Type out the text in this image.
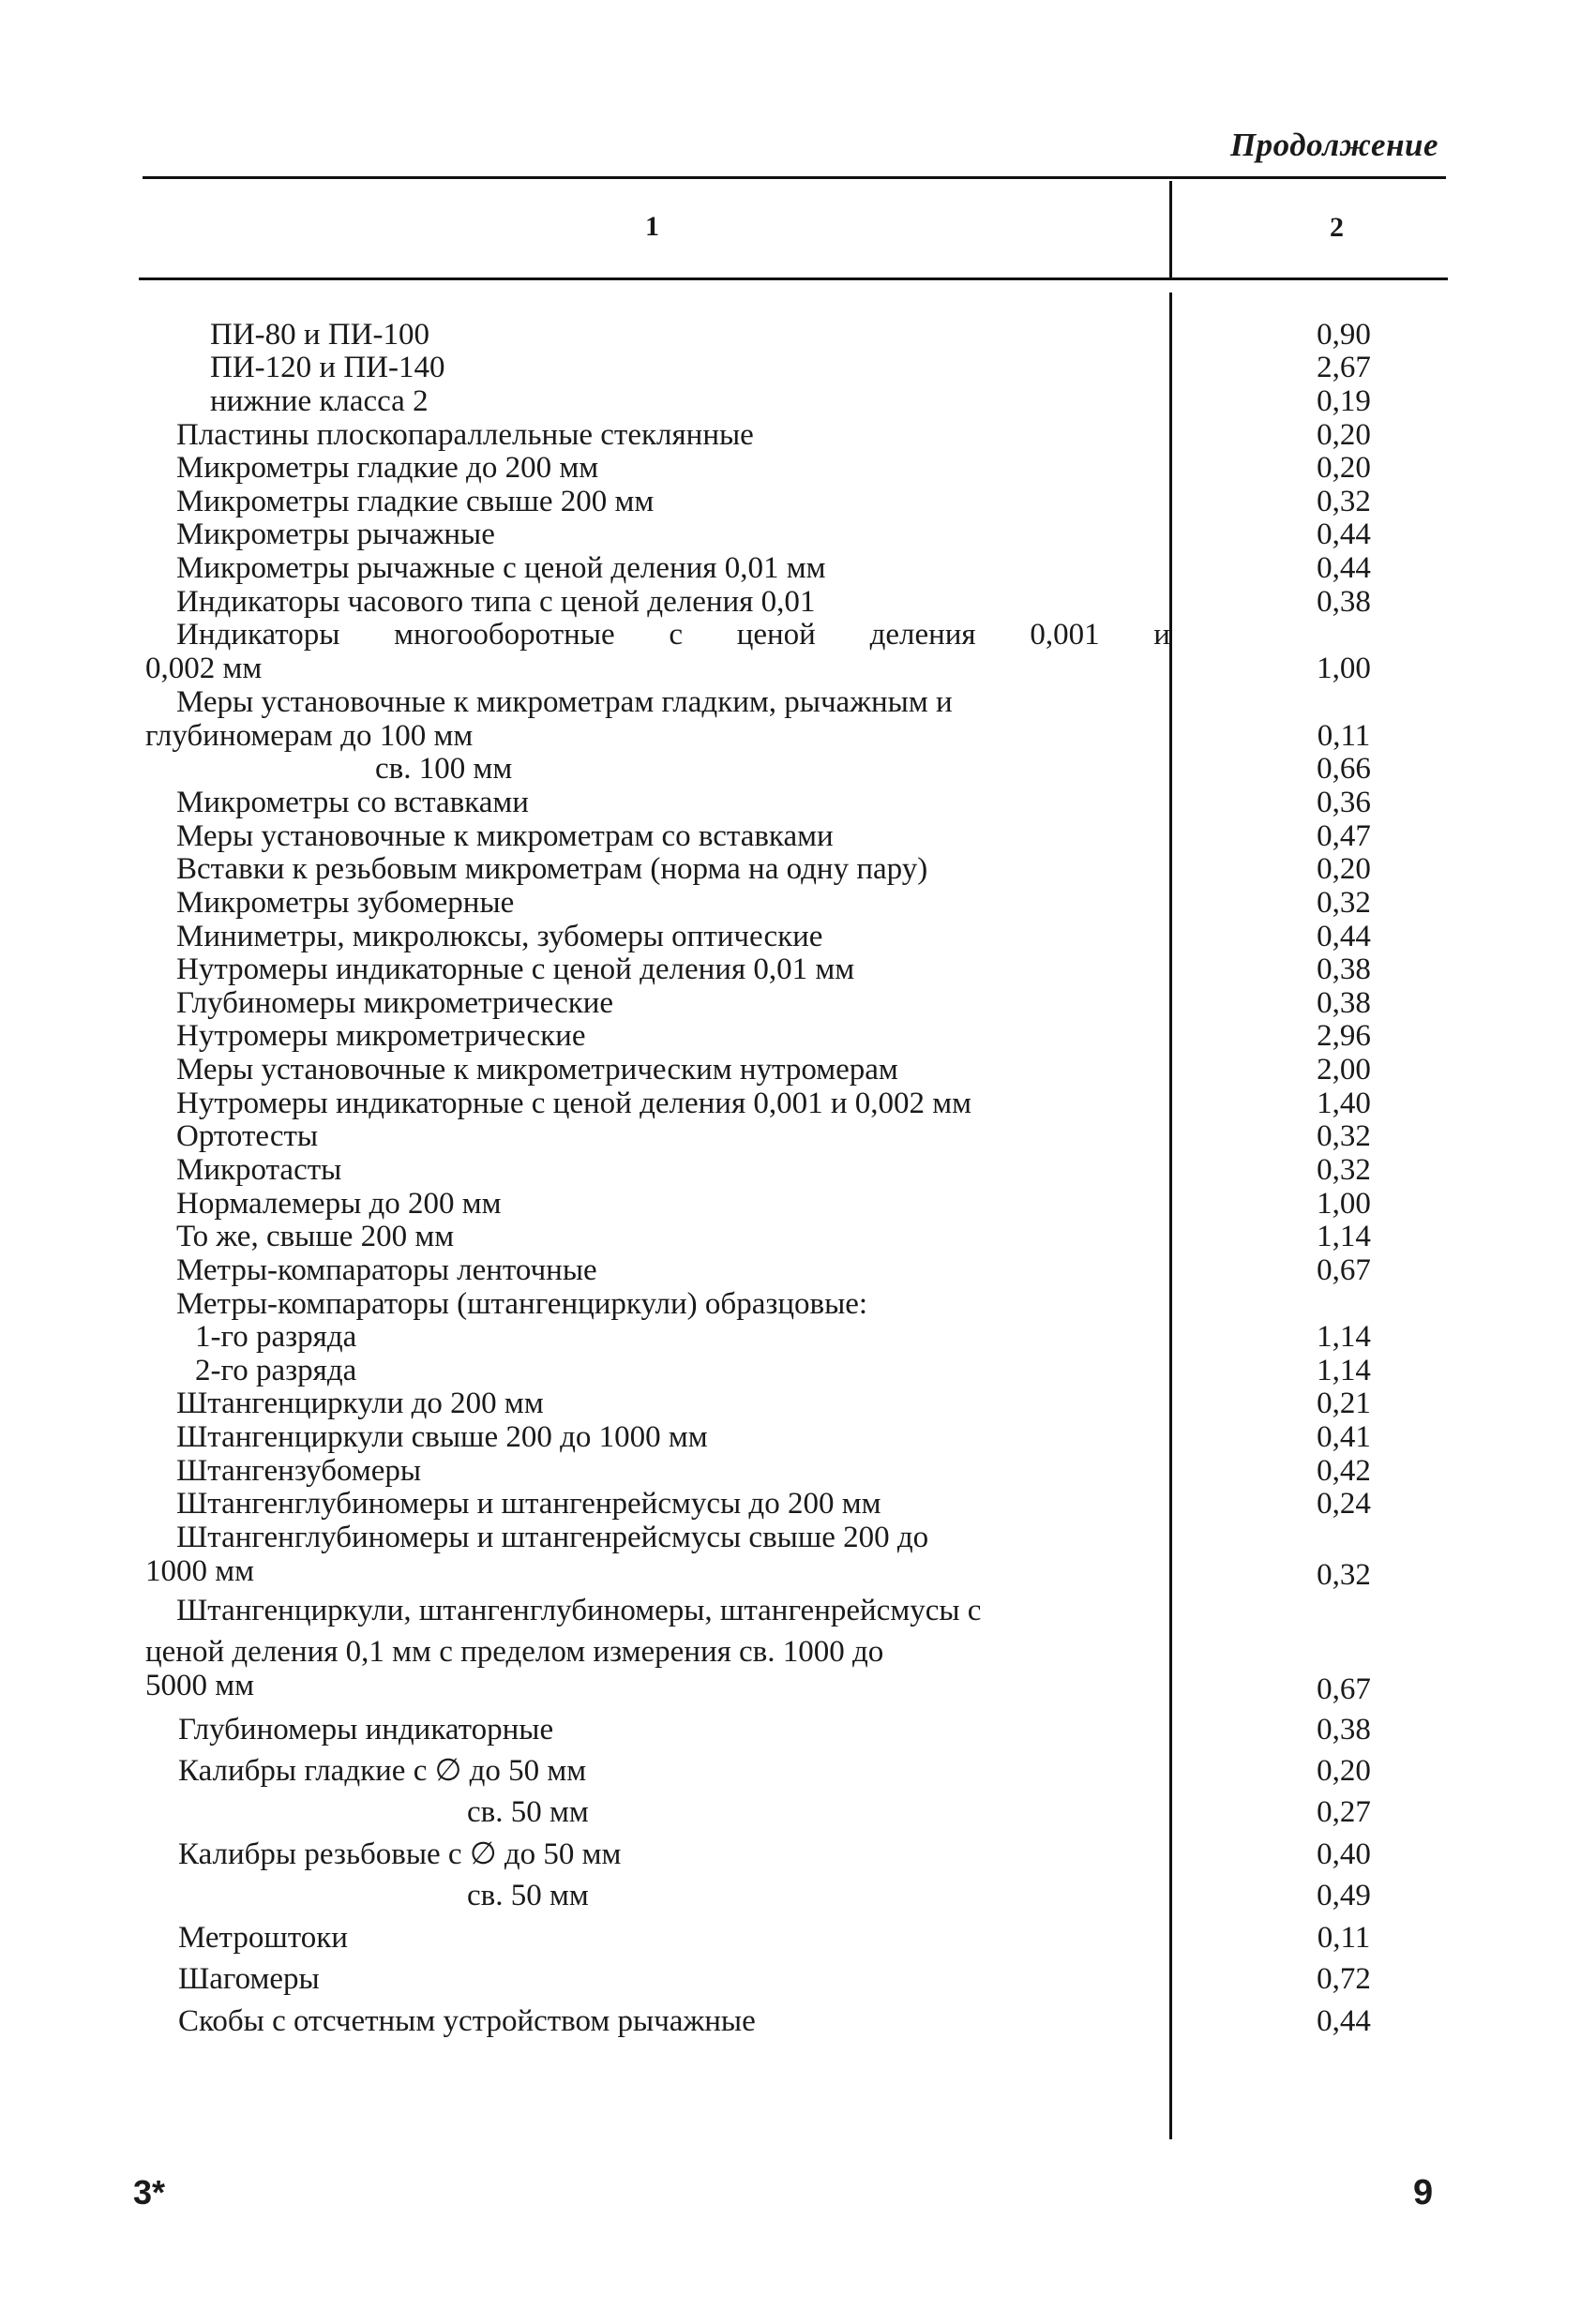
Продолжение
1	2
ПИ-80 и ПИ-100	0,90
ПИ-120 и ПИ-140	2,67
нижние класса 2	0,19
Пластины плоскопараллельные стеклянные	0,20
Микрометры гладкие до 200 мм	0,20
Микрометры гладкие свыше 200 мм	0,32
Микрометры рычажные	0,44
Микрометры рычажные с ценой деления 0,01 мм	0,44
Индикаторы часового типа с ценой деления 0,01	0,38
Индикаторы многооборотные с ценой деления 0,001 и
0,002 мм	1,00
Меры установочные к микрометрам гладким, рычажным и
глубиномерам до 100 мм	0,11
св. 100 мм	0,66
Микрометры со вставками	0,36
Меры установочные к микрометрам со вставками	0,47
Вставки к резьбовым микрометрам (норма на одну пару)	0,20
Микрометры зубомерные	0,32
Миниметры, микролюксы, зубомеры оптические	0,44
Нутромеры индикаторные с ценой деления 0,01 мм	0,38
Глубиномеры микрометрические	0,38
Нутромеры микрометрические	2,96
Меры установочные к микрометрическим нутромерам	2,00
Нутромеры индикаторные с ценой деления 0,001 и 0,002 мм	1,40
Ортотесты	0,32
Микротасты	0,32
Нормалемеры до 200 мм	1,00
То же, свыше 200 мм	1,14
Метры-компараторы ленточные	0,67
Метры-компараторы (штангенциркули) образцовые:
1-го разряда	1,14
2-го разряда	1,14
Штангенциркули до 200 мм	0,21
Штангенциркули свыше 200 до 1000 мм	0,41
Штангензубомеры	0,42
Штангенглубиномеры и штангенрейсмусы до 200 мм	0,24
Штангенглубиномеры и штангенрейсмусы свыше 200 до
1000 мм	0,32
Штангенциркули, штангенглубиномеры, штангенрейсмусы с
ценой деления 0,1 мм с пределом измерения св. 1000 до
5000 мм	0,67
Глубиномеры индикаторные	0,38
Калибры гладкие с ∅ до 50 мм	0,20
св. 50 мм	0,27
Калибры резьбовые с ∅ до 50 мм	0,40
св. 50 мм	0,49
Метроштоки	0,11
Шагомеры	0,72
Скобы с отсчетным устройством рычажные	0,44
3*	9
